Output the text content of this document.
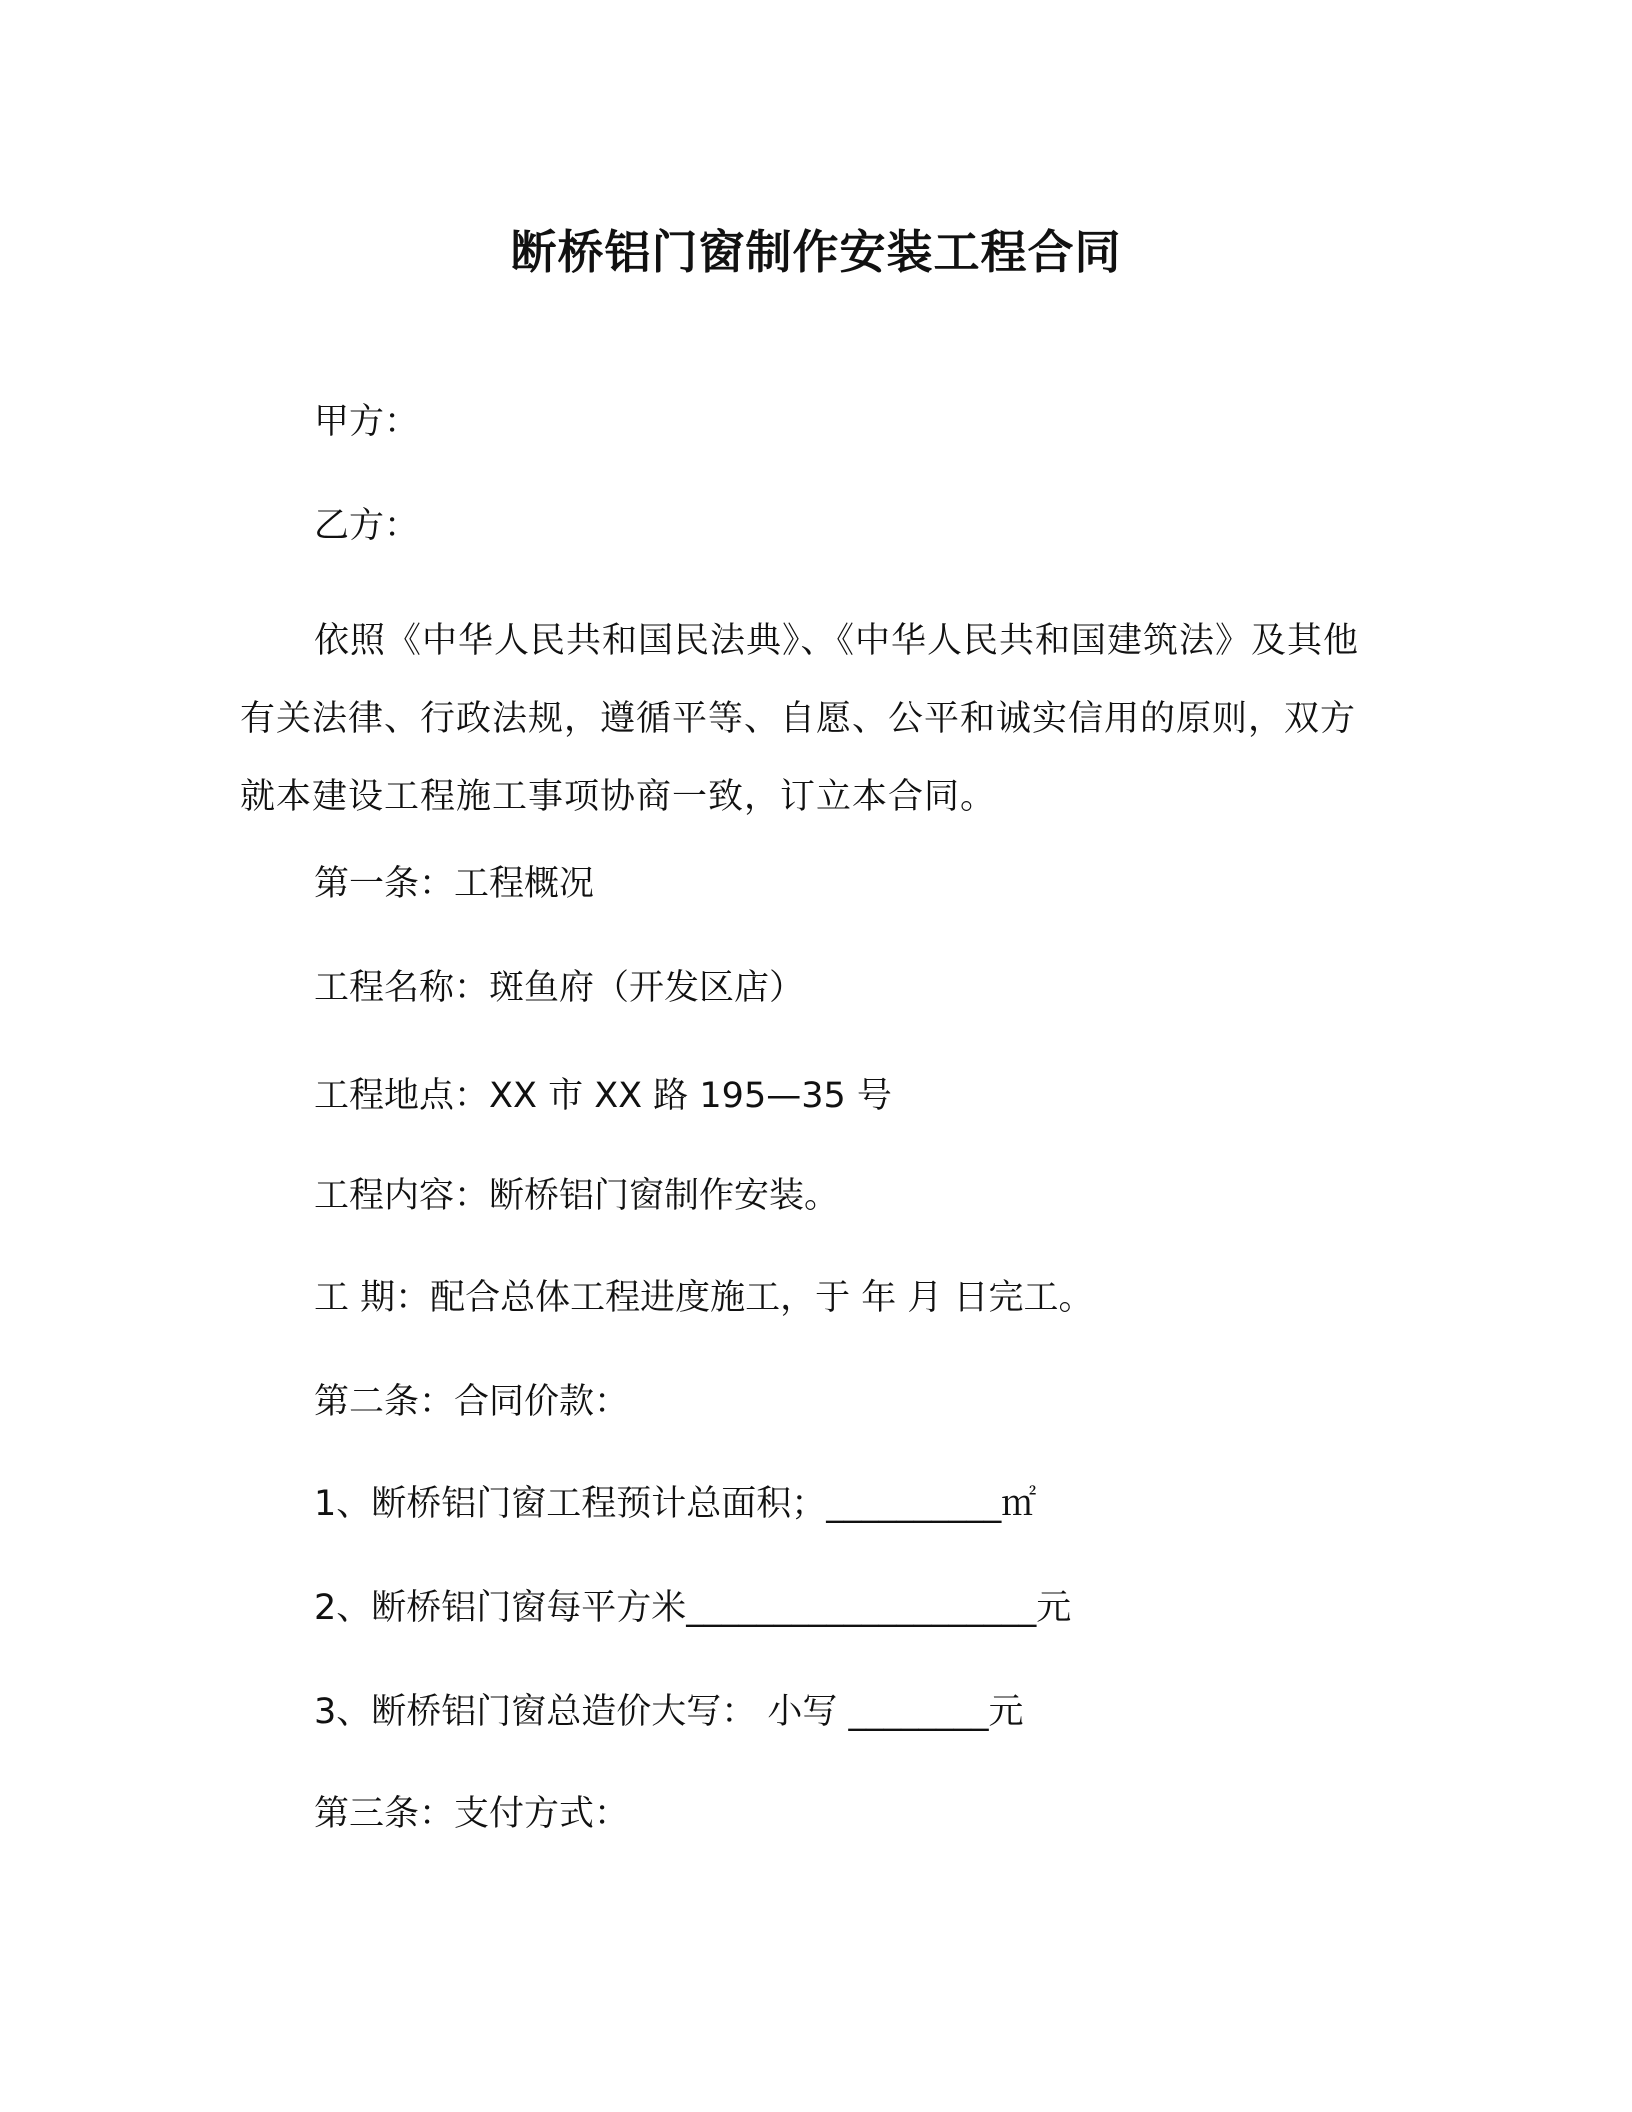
断桥铝门窗制作安装工程合同
甲方：
乙方：
依照《中华人民共和国民法典》、《中华人民共和国建筑法》及其他有关法律、行政法规，遵循平等、自愿、公平和诚实信用的原则，双方就本建设工程施工事项协商一致，订立本合同。
第一条：工程概况
工程名称：斑鱼府（开发区店）
工程地点：XX 市 XX 路 195—35 号
工程内容：断桥铝门窗制作安装。
工 期：配合总体工程进度施工，于 年 月 日完工。
第二条：合同价款：
1、断桥铝门窗工程预计总面积；__________㎡
2、断桥铝门窗每平方米____________________元
3、断桥铝门窗总造价大写： 小写 ________元
第三条：支付方式：
